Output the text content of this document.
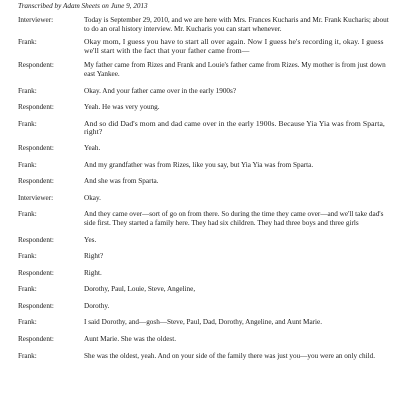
Transcribed by Adam Sheets on June 9, 2013
Interviewer:	Today is September 29, 2010, and we are here with Mrs. Frances Kucharis and Mr. Frank Kucharis; about to do an oral history interview. Mr. Kucharis you can start whenever.
Frank:	Okay mom, I guess you have to start all over again. Now I guess he's recording it, okay. I guess we'll start with the fact that your father came from—
Respondent:	My father came from Rizes and Frank and Louie's father came from Rizes. My mother is from just down east Yankee.
Frank:	Okay. And your father came over in the early 1900s?
Respondent:	Yeah. He was very young.
Frank:	And so did Dad's mom and dad came over in the early 1900s. Because Yia Yia was from Sparta, right?
Respondent:	Yeah.
Frank:	And my grandfather was from Rizes, like you say, but Yia Yia was from Sparta.
Respondent:	And she was from Sparta.
Interviewer:	Okay.
Frank:	And they came over—sort of go on from there. So during the time they came over—and we'll take dad's side first. They started a family here. They had six children. They had three boys and three girls
Respondent:	Yes.
Frank:	Right?
Respondent:	Right.
Frank:	Dorothy, Paul, Louie, Steve, Angeline,
Respondent:	Dorothy.
Frank:	I said Dorothy, and—gosh—Steve, Paul, Dad, Dorothy, Angeline, and Aunt Marie.
Respondent:	Aunt Marie. She was the oldest.
Frank:	She was the oldest, yeah. And on your side of the family there was just you—you were an only child.
